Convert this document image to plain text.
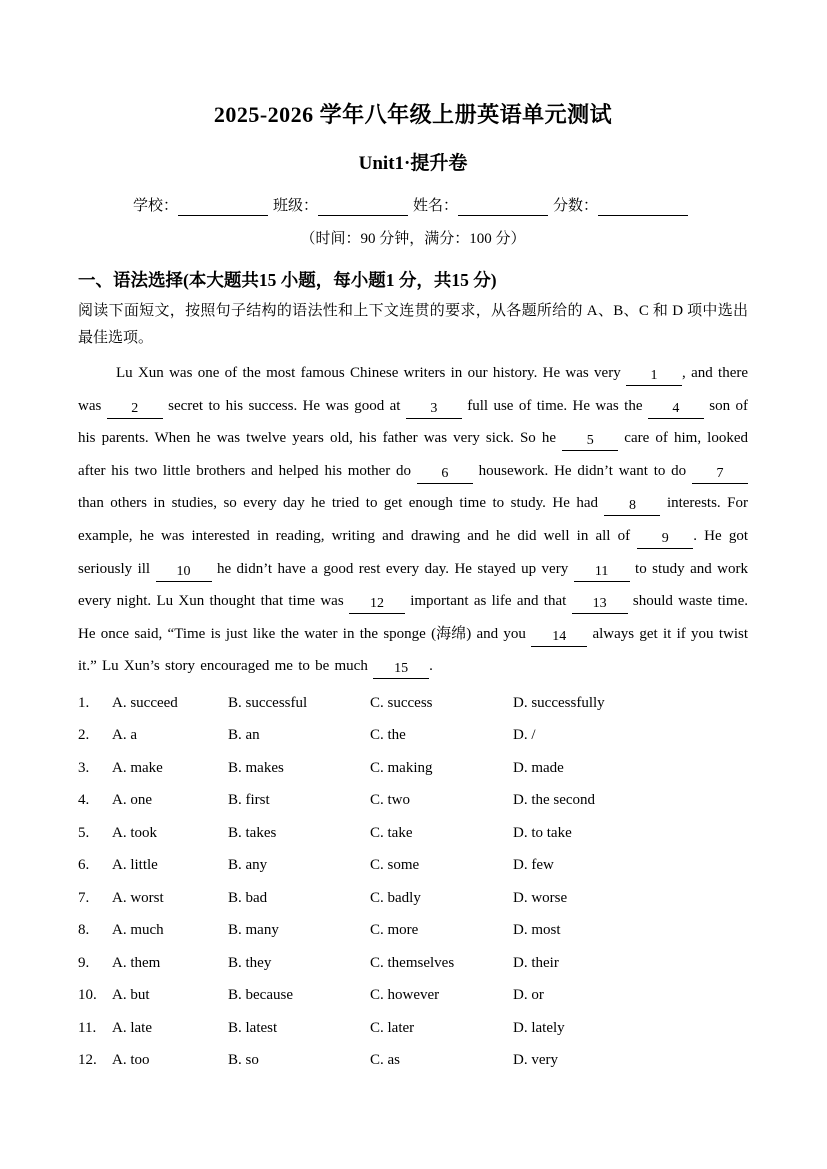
2025-2026 学年八年级上册英语单元测试
Unit1·提升卷
学校：	班级：	姓名：	分数：
（时间：90 分钟，满分：100 分）
一、语法选择(本大题共15 小题，每小题1 分，共15 分)
阅读下面短文，按照句子结构的语法性和上下文连贯的要求，从各题所给的 A、B、C 和 D 项中选出最佳选项。
Lu Xun was one of the most famous Chinese writers in our history. He was very 1 , and there was 2 secret to his success. He was good at 3 full use of time. He was the 4 son of his parents. When he was twelve years old, his father was very sick. So he 5 care of him, looked after his two little brothers and helped his mother do 6 housework. He didn’t want to do 7 than others in studies, so every day he tried to get enough time to study. He had 8 interests. For example, he was interested in reading, writing and drawing and he did well in all of 9 . He got seriously ill 10 he didn’t have a good rest every day. He stayed up very 11 to study and work every night. Lu Xun thought that time was 12 important as life and that 13 should waste time. He once said, “Time is just like the water in the sponge (海绵) and you 14 always get it if you twist it.” Lu Xun’s story encouraged me to be much 15 .
1. A. succeed	B. successful	C. success	D. successfully
2. A. a	B. an	C. the	D. /
3. A. make	B. makes	C. making	D. made
4. A. one	B. first	C. two	D. the second
5. A. took	B. takes	C. take	D. to take
6. A. little	B. any	C. some	D. few
7. A. worst	B. bad	C. badly	D. worse
8. A. much	B. many	C. more	D. most
9. A. them	B. they	C. themselves	D. their
10. A. but	B. because	C. however	D. or
11. A. late	B. latest	C. later	D. lately
12. A. too	B. so	C. as	D. very
